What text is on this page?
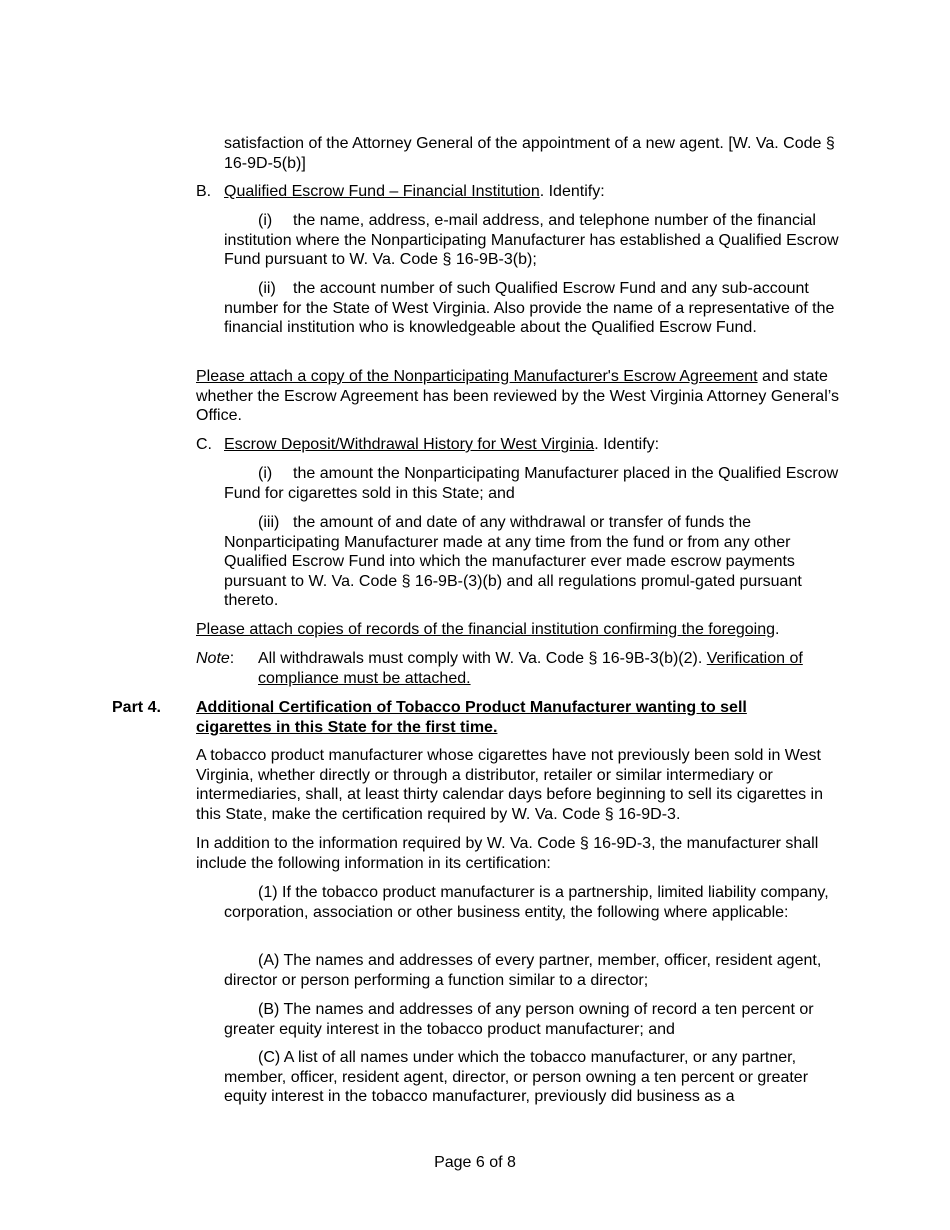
satisfaction of the Attorney General of the appointment of a new agent. [W. Va. Code § 16-9D-5(b)]

B. Qualified Escrow Fund – Financial Institution. Identify:

(i) the name, address, e-mail address, and telephone number of the financial institution where the Nonparticipating Manufacturer has established a Qualified Escrow Fund pursuant to W. Va. Code § 16-9B-3(b);

(ii) the account number of such Qualified Escrow Fund and any sub-account number for the State of West Virginia. Also provide the name of a representative of the financial institution who is knowledgeable about the Qualified Escrow Fund.

Please attach a copy of the Nonparticipating Manufacturer's Escrow Agreement and state whether the Escrow Agreement has been reviewed by the West Virginia Attorney General’s Office.

C. Escrow Deposit/Withdrawal History for West Virginia. Identify:

(i) the amount the Nonparticipating Manufacturer placed in the Qualified Escrow Fund for cigarettes sold in this State; and

(iii) the amount of and date of any withdrawal or transfer of funds the Nonparticipating Manufacturer made at any time from the fund or from any other Qualified Escrow Fund into which the manufacturer ever made escrow payments pursuant to W. Va. Code § 16-9B-(3)(b) and all regulations promul-gated pursuant thereto.

Please attach copies of records of the financial institution confirming the foregoing.

Note: All withdrawals must comply with W. Va. Code § 16-9B-3(b)(2). Verification of compliance must be attached.

Part 4. Additional Certification of Tobacco Product Manufacturer wanting to sell cigarettes in this State for the first time.

A tobacco product manufacturer whose cigarettes have not previously been sold in West Virginia, whether directly or through a distributor, retailer or similar intermediary or intermediaries, shall, at least thirty calendar days before beginning to sell its cigarettes in this State, make the certification required by W. Va. Code § 16-9D-3.

In addition to the information required by W. Va. Code § 16-9D-3, the manufacturer shall include the following information in its certification:

(1) If the tobacco product manufacturer is a partnership, limited liability company, corporation, association or other business entity, the following where applicable:

(A) The names and addresses of every partner, member, officer, resident agent, director or person performing a function similar to a director;

(B) The names and addresses of any person owning of record a ten percent or greater equity interest in the tobacco product manufacturer; and

(C) A list of all names under which the tobacco manufacturer, or any partner, member, officer, resident agent, director, or person owning a ten percent or greater equity interest in the tobacco manufacturer, previously did business as a

Page 6 of 8
